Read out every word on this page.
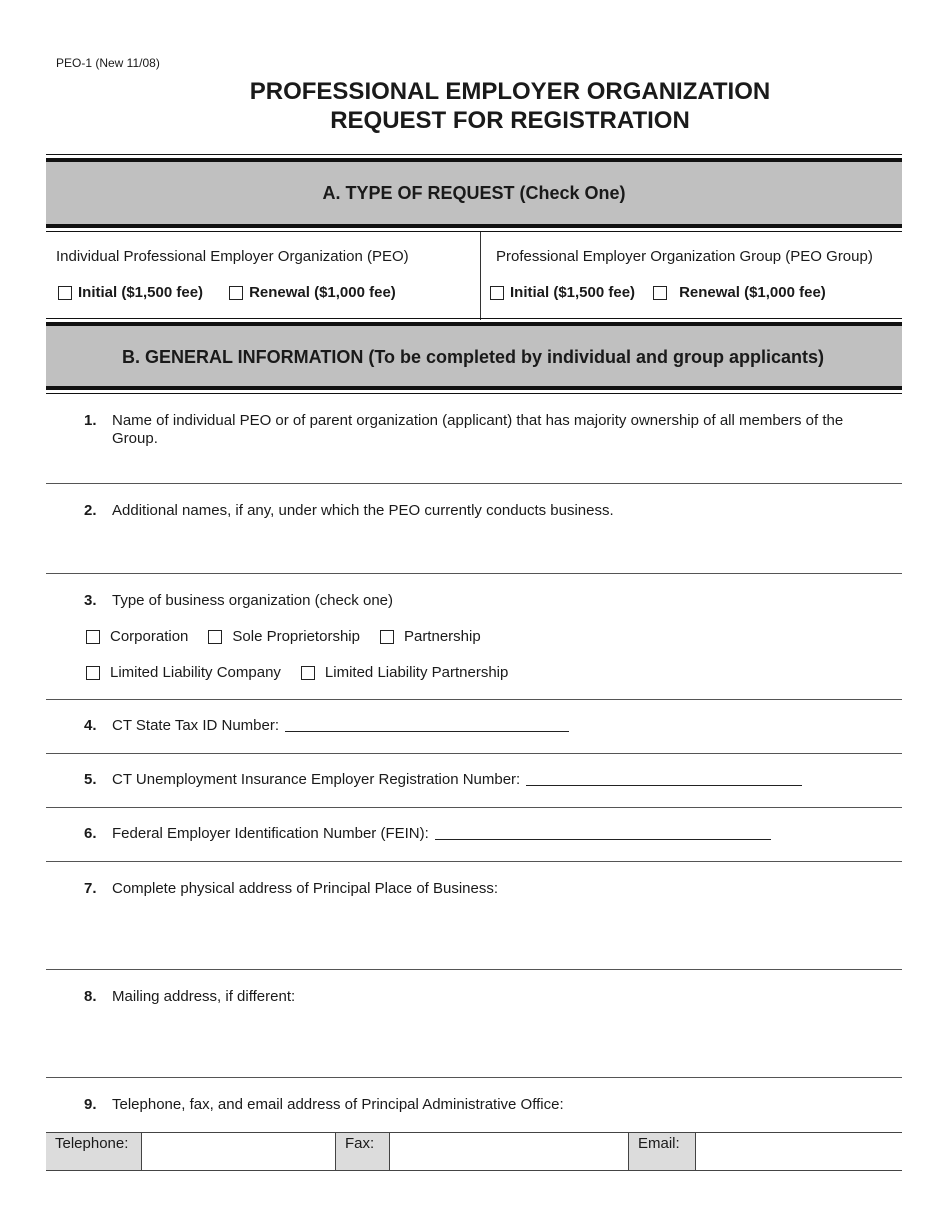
PEO-1 (New 11/08)
PROFESSIONAL EMPLOYER ORGANIZATION
REQUEST FOR REGISTRATION
A. TYPE OF REQUEST (Check One)
Individual Professional Employer Organization (PEO)
Initial ($1,500 fee)	Renewal ($1,000 fee)
Professional Employer Organization Group (PEO Group)
Initial ($1,500 fee)	Renewal ($1,000 fee)
B. GENERAL INFORMATION (To be completed by individual and group applicants)
1.	Name of individual PEO or of parent organization (applicant) that has majority ownership of all members of the Group.
2.	Additional names, if any, under which the PEO currently conducts business.
3.	Type of business organization (check one)
Corporation	Sole Proprietorship	Partnership
Limited Liability Company	Limited Liability Partnership
4.	CT State Tax ID Number:
5.	CT Unemployment Insurance Employer Registration Number:
6.	Federal Employer Identification Number (FEIN):
7.	Complete physical address of Principal Place of Business:
8.	Mailing address, if different:
9.	Telephone, fax, and email address of Principal Administrative Office:
Telephone:	Fax:	Email:
